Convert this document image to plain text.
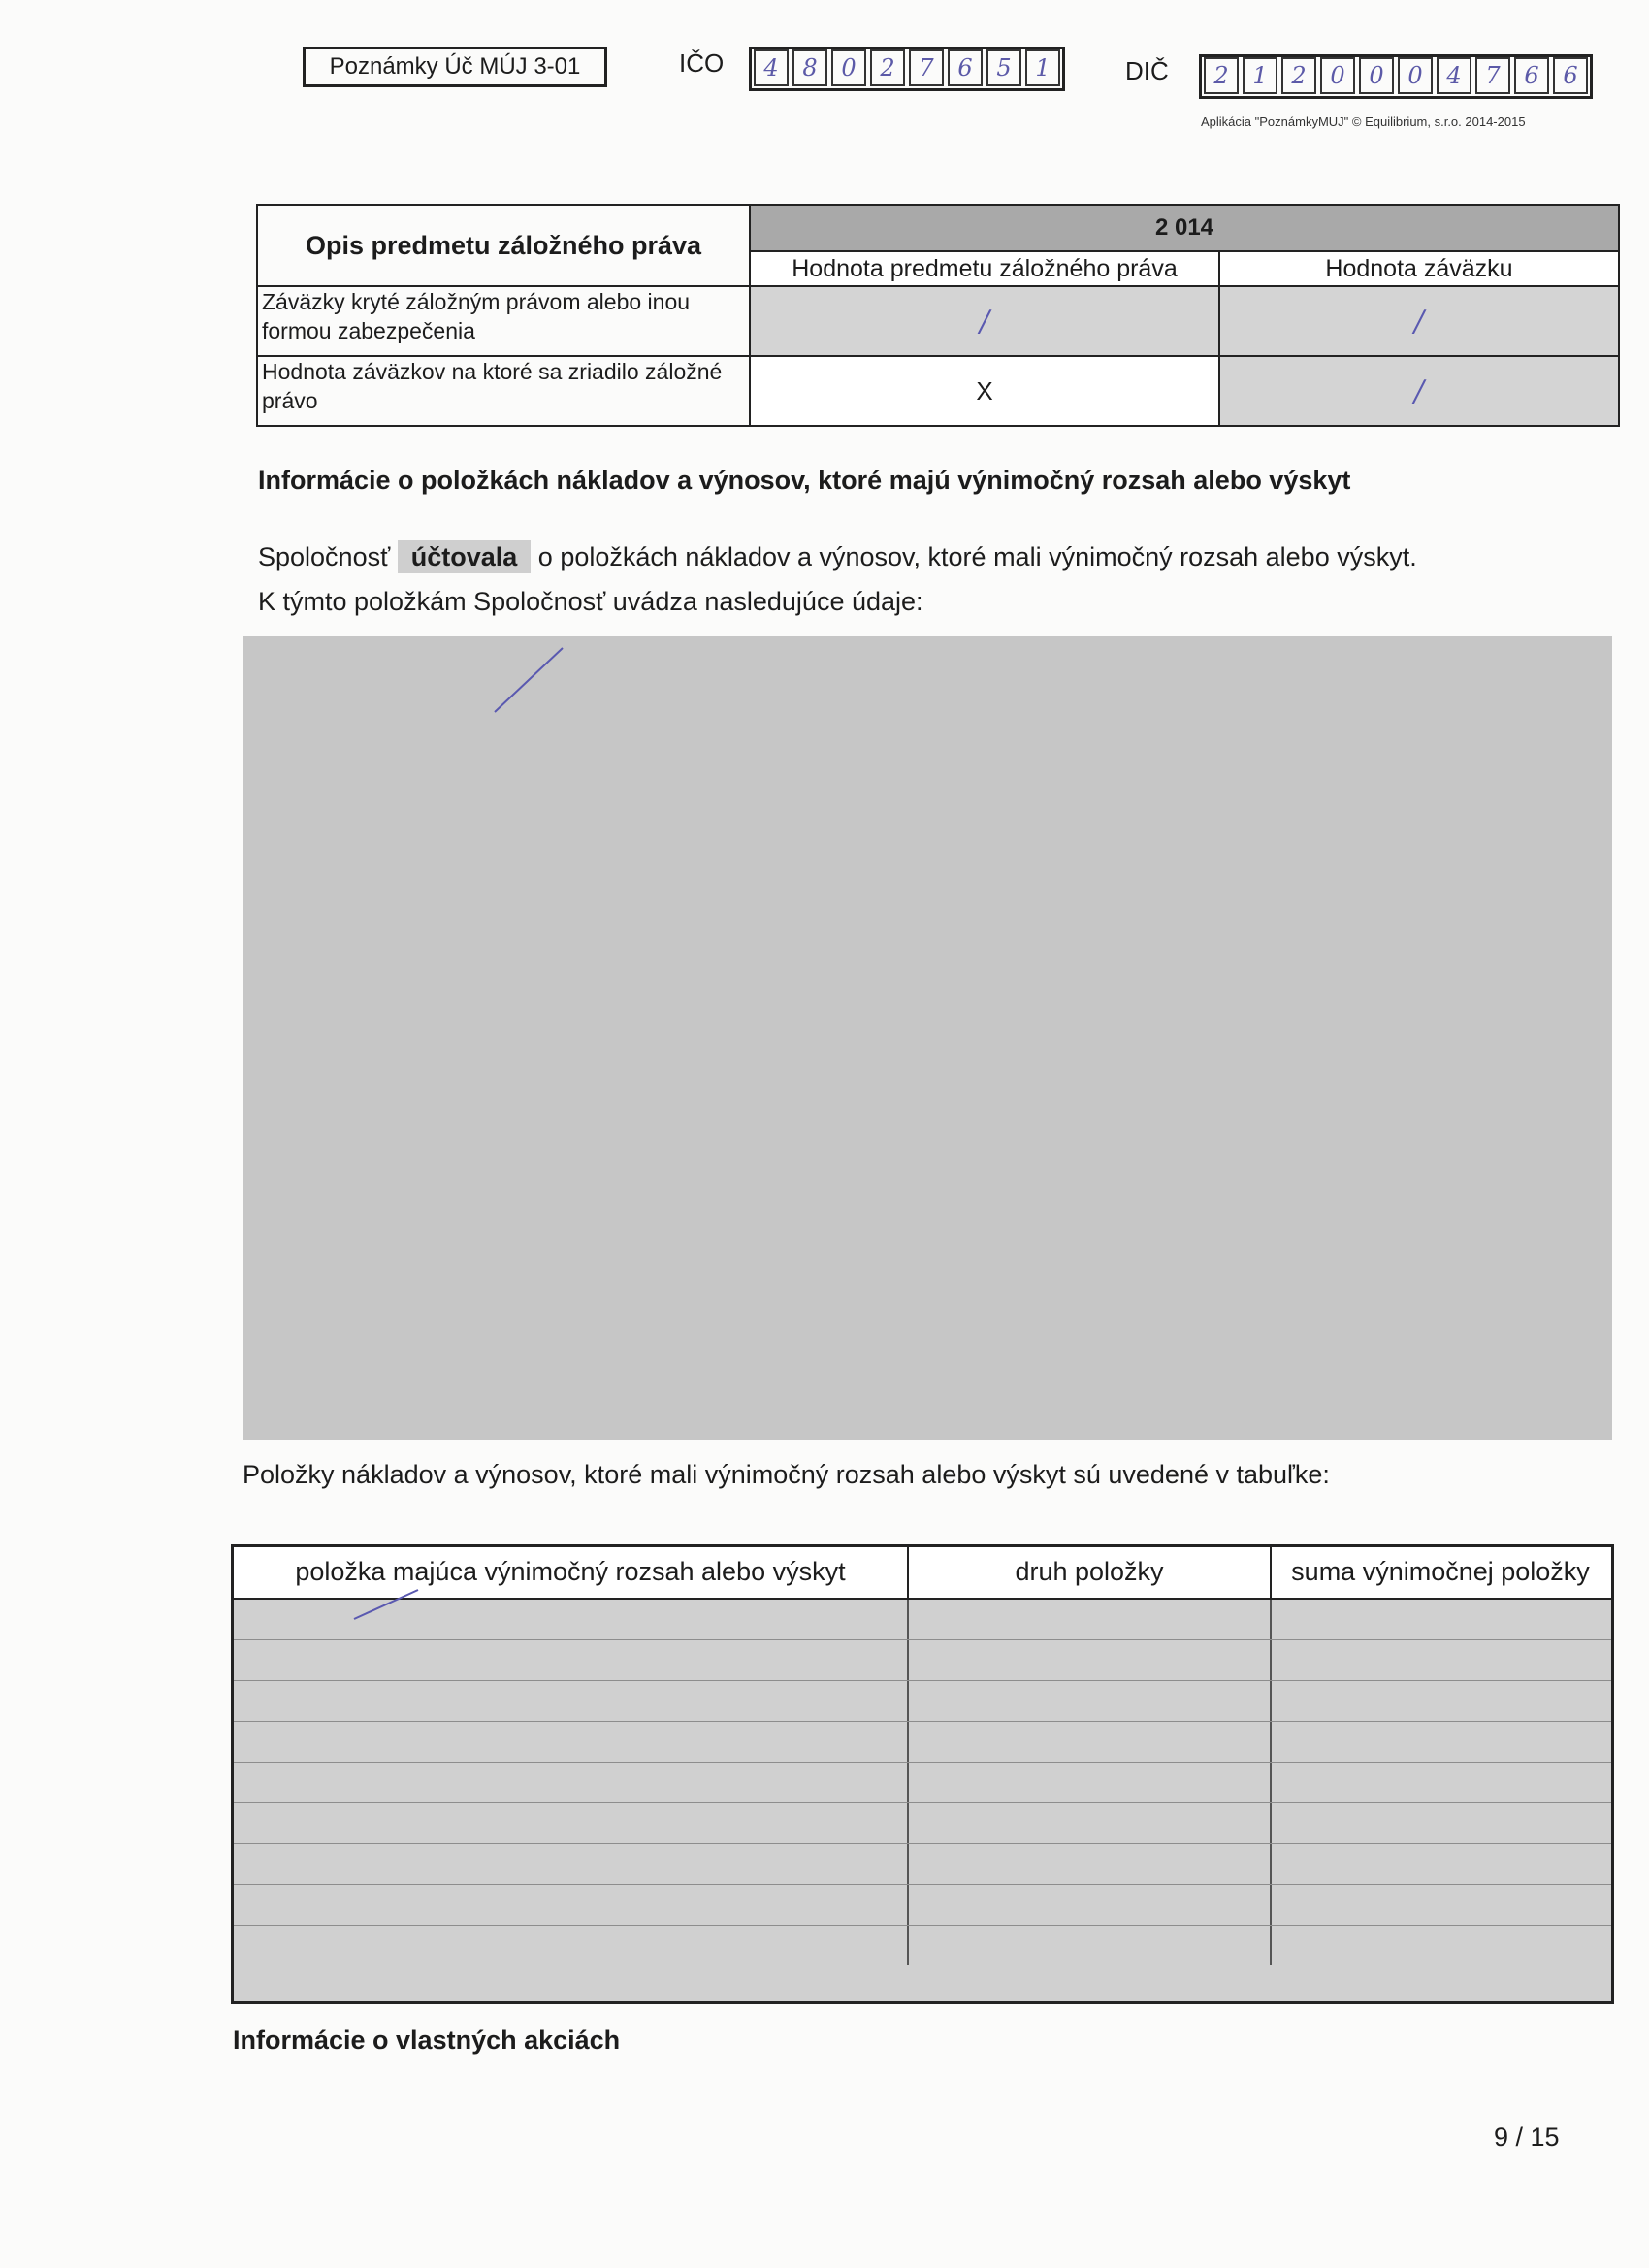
Poznámky Úč MÚJ 3-01	IČO	4	8	0	2	7	6	5	1	DIČ	2	1	2	0	0	0	4	7	6	6
Aplikácia "PoznámkyMUJ" © Equilibrium, s.r.o. 2014-2015
Opis predmetu záložného práva	2 014	
	Hodnota predmetu záložného práva	Hodnota záväzku
Záväzky kryté záložným právom alebo inou formou zabezpečenia	/	/
Hodnota záväzkov na ktoré sa zriadilo záložné právo	X	/
Informácie o položkách nákladov a výnosov, ktoré majú výnimočný rozsah alebo výskyt
Spoločnosť účtovala o položkách nákladov a výnosov, ktoré mali výnimočný rozsah alebo výskyt.
K týmto položkám Spoločnosť uvádza nasledujúce údaje:
Položky nákladov a výnosov, ktoré mali výnimočný rozsah alebo výskyt sú uvedené v tabuľke:
položka majúca výnimočný rozsah alebo výskyt	druh položky	suma výnimočnej položky
Informácie o vlastných akciách
9 / 15
